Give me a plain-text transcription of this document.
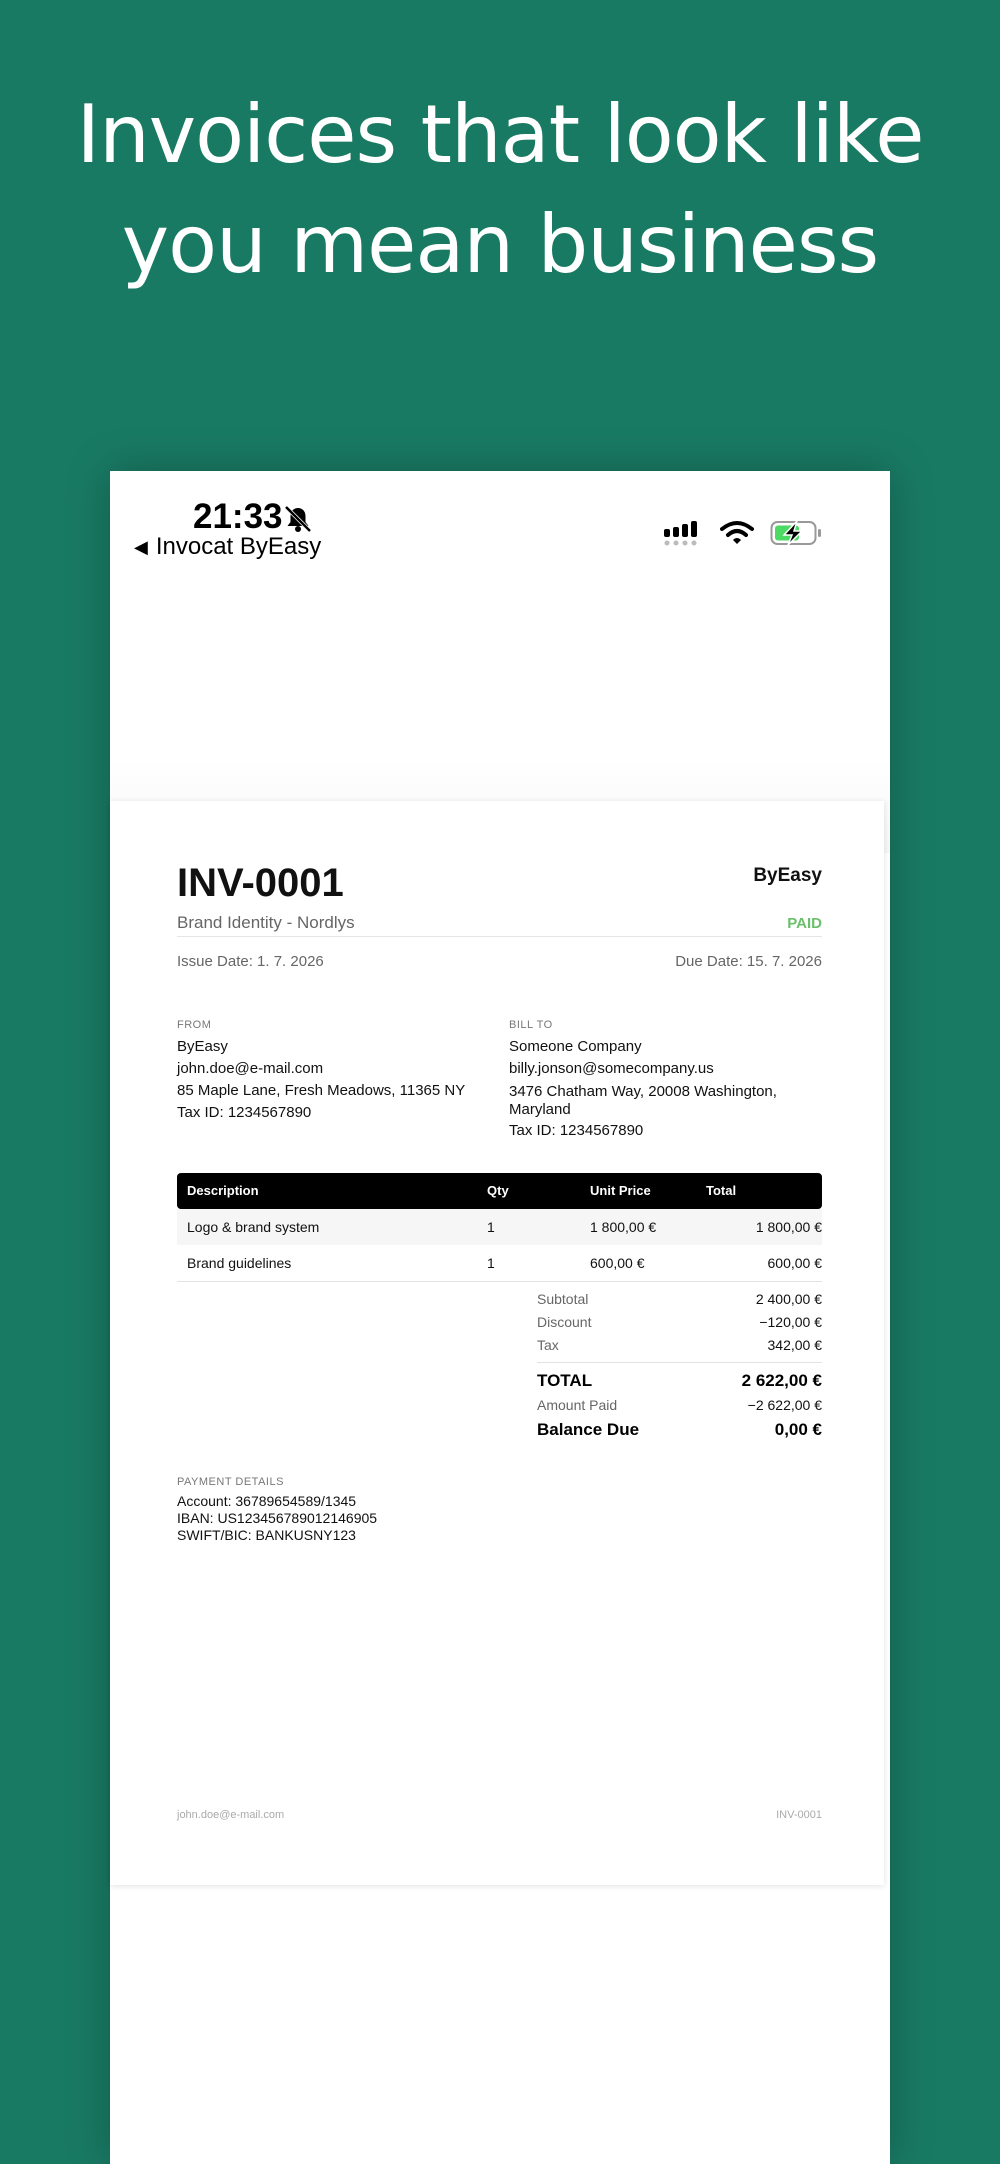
Invoices that look like
you mean business
21:33
◀ Invocat ByEasy
INV-0001	ByEasy
Brand Identity - Nordlys	PAID
Issue Date: 1. 7. 2026	Due Date: 15. 7. 2026
FROM
ByEasy
john.doe@e-mail.com
85 Maple Lane, Fresh Meadows, 11365 NY
Tax ID: 1234567890
BILL TO
Someone Company
billy.jonson@somecompany.us
3476 Chatham Way, 20008 Washington, Maryland
Tax ID: 1234567890
Description	Qty	Unit Price	Total
Logo & brand system	1	1 800,00 €	1 800,00 €
Brand guidelines	1	600,00 €	600,00 €
Subtotal	2 400,00 €
Discount	−120,00 €
Tax	342,00 €
TOTAL	2 622,00 €
Amount Paid	−2 622,00 €
Balance Due	0,00 €
PAYMENT DETAILS
Account: 36789654589/1345
IBAN: US123456789012146905
SWIFT/BIC: BANKUSNY123
john.doe@e-mail.com	INV-0001
